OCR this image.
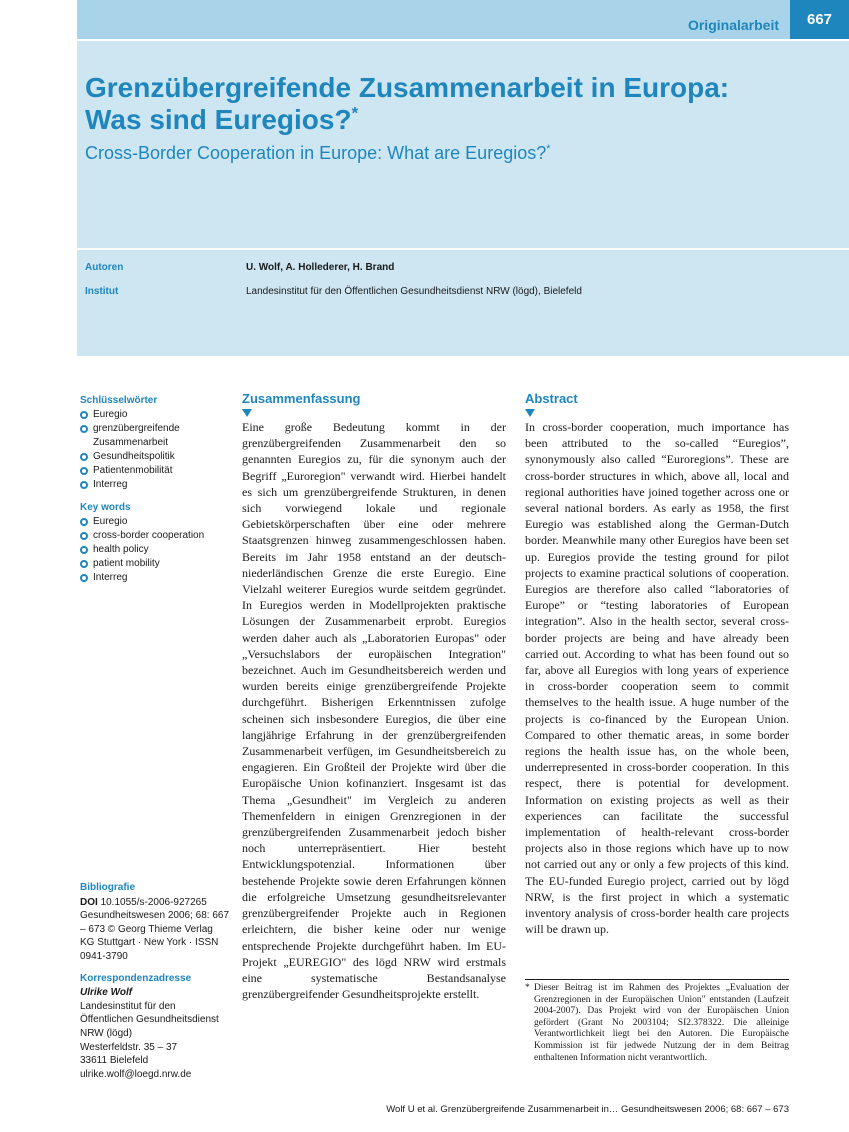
Originalarbeit	667
Grenzübergreifende Zusammenarbeit in Europa:
Was sind Euregios?*
Cross-Border Cooperation in Europe: What are Euregios?*
Autoren	U. Wolf, A. Hollederer, H. Brand
Institut	Landesinstitut für den Öffentlichen Gesundheitsdienst NRW (lögd), Bielefeld
Schlüsselwörter
Euregio
grenzübergreifende Zusammenarbeit
Gesundheitspolitik
Patientenmobilität
Interreg
Key words
Euregio
cross-border cooperation
health policy
patient mobility
Interreg
Bibliografie
DOI 10.1055/s-2006-927265
Gesundheitswesen 2006; 68: 667 – 673 © Georg Thieme Verlag KG Stuttgart · New York · ISSN 0941-3790
Korrespondenzadresse
Ulrike Wolf
Landesinstitut für den Öffentlichen Gesundheitsdienst NRW (lögd)
Westerfeldstr. 35 – 37
33611 Bielefeld
ulrike.wolf@loegd.nrw.de
Zusammenfassung

Eine große Bedeutung kommt in der grenzübergreifenden Zusammenarbeit den so genannten Euregios zu, für die synonym auch der Begriff „Euroregion" verwandt wird. Hierbei handelt es sich um grenzübergreifende Strukturen, in denen sich vorwiegend lokale und regionale Gebietskörperschaften über eine oder mehrere Staatsgrenzen hinweg zusammengeschlossen haben. Bereits im Jahr 1958 entstand an der deutsch-niederländischen Grenze die erste Euregio. Eine Vielzahl weiterer Euregios wurde seitdem gegründet. In Euregios werden in Modellprojekten praktische Lösungen der Zusammenarbeit erprobt. Euregios werden daher auch als „Laboratorien Europas" oder „Versuchslabors der europäischen Integration" bezeichnet. Auch im Gesundheitsbereich werden und wurden bereits einige grenzübergreifende Projekte durchgeführt. Bisherigen Erkenntnissen zufolge scheinen sich insbesondere Euregios, die über eine langjährige Erfahrung in der grenzübergreifenden Zusammenarbeit verfügen, im Gesundheitsbereich zu engagieren. Ein Großteil der Projekte wird über die Europäische Union kofinanziert. Insgesamt ist das Thema „Gesundheit" im Vergleich zu anderen Themenfeldern in einigen Grenzregionen in der grenzübergreifenden Zusammenarbeit jedoch bisher noch unterrepräsentiert. Hier besteht Entwicklungspotenzial. Informationen über bestehende Projekte sowie deren Erfahrungen können die erfolgreiche Umsetzung gesundheitsrelevanter grenzübergreifender Projekte auch in Regionen erleichtern, die bisher keine oder nur wenige entsprechende Projekte durchgeführt haben. Im EU-Projekt „EUREGIO" des lögd NRW wird erstmals eine systematische Bestandsanalyse grenzübergreifender Gesundheitsprojekte erstellt.

Abstract

In cross-border cooperation, much importance has been attributed to the so-called “Euregios”, synonymously also called “Euroregions”. These are cross-border structures in which, above all, local and regional authorities have joined together across one or several national borders. As early as 1958, the first Euregio was established along the German-Dutch border. Meanwhile many other Euregios have been set up. Euregios provide the testing ground for pilot projects to examine practical solutions of cooperation. Euregios are therefore also called “laboratories of Europe” or “testing laboratories of European integration”. Also in the health sector, several cross-border projects are being and have already been carried out. According to what has been found out so far, above all Euregios with long years of experience in cross-border cooperation seem to commit themselves to the health issue. A huge number of the projects is co-financed by the European Union. Compared to other thematic areas, in some border regions the health issue has, on the whole been, underrepresented in cross-border cooperation. In this respect, there is potential for development. Information on existing projects as well as their experiences can facilitate the successful implementation of health-relevant cross-border projects also in those regions which have up to now not carried out any or only a few projects of this kind. The EU-funded Euregio project, carried out by lögd NRW, is the first project in which a systematic inventory analysis of cross-border health care projects will be drawn up.

* Dieser Beitrag ist im Rahmen des Projektes „Evaluation der Grenzregionen in der Europäischen Union" entstanden (Laufzeit 2004-2007). Das Projekt wird von der Europäischen Union gefördert (Grant No 2003104; SI2.378322. Die alleinige Verantwortlichkeit liegt bei den Autoren. Die Europäische Kommission ist für jedwede Nutzung der in dem Beitrag enthaltenen Information nicht verantwortlich.
Wolf U et al. Grenzübergreifende Zusammenarbeit in… Gesundheitswesen 2006; 68: 667 – 673
